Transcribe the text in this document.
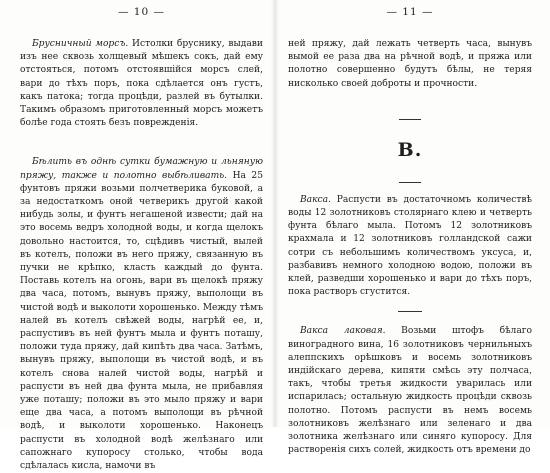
— 10 —

Брусничный морсъ. Истолки бруснику, выдави изъ нее сквозь холщевый мѣшекъ сокъ, дай ему отстояться, потомъ отстоявшійся морсъ слей, вари до тѣхъ поръ, пока сдѣлается онъ густъ, какъ патока; тогда процѣди, разлей въ бутылки. Такимъ образомъ приготовленный морсъ можетъ болѣе года стоять безъ поврежденія.

Бѣлить въ однѣ сутки бумажную и льняную пряжу, также и полотно выбѣливать. На 25 фунтовъ пряжи возьми полчетверика буковой, а за недостаткомъ оной четверикъ другой какой нибудь золы, и фунтъ негашеной извести; дай на это восемь ведръ холодной воды, и когда щелокъ довольно настоится, то, сцѣдивъ чистый, вылей въ котелъ, положи въ него пряжу, связанную въ пучки не крѣпко, класть каждый до фунта. Поставь котелъ на огонь, вари въ щелокѣ пряжу два часа, потомъ, вынувъ пряжу, выполощи въ чистой водѣ и выколоти хорошенько. Между тѣмъ налей въ котелъ свѣжей воды, нагрѣй ее, и, распустивъ въ ней фунтъ мыла и фунтъ поташу, положи туда пряжу, дай кипѣть два часа. Затѣмъ, вынувъ пряжу, выполощи въ чистой водѣ, и въ котелъ снова налей чистой воды, нагрѣй и распусти въ ней два фунта мыла, не прибавляя уже поташу; положи въ это мыло пряжу и вари еще два часа, а потомъ выполощи въ рѣчной водѣ, и выколоти хорошенько. Наконецъ распусти въ холодной водѣ желѣзнаго или сапожнаго купоросу столько, чтобы вода сдѣлалась кисла, намочи въ

— 11 —

ней пряжу, дай лежать четверть часа, вынувъ вымой ее раза два на рѣчной водѣ, и пряжа или полотно совершенно будутъ бѣлы, не теряя нисколько своей доброты и прочности.

В.

Вакса. Распусти въ достаточномъ количествѣ воды 12 золотниковъ столярнаго клею и четверть фунта бѣлаго мыла. Потомъ 12 золотниковъ крахмала и 12 золотниковъ голландской сажи сотри съ небольшимъ количествомъ уксуса, и, разбавивъ немного холодною водою, положи въ клей, разведши хорошенько и вари до тѣхъ поръ, пока растворъ сгустится.

Вакса лаковая. Возьми штофъ бѣлаго виноградного вина, 16 золотниковъ чернильныхъ алеппскихъ орѣшковъ и восемь золотниковъ индійскаго дерева, кипяти смѣсь эту полчаса, такъ, чтобы третья жидкости уварилась или испарилась; остальную жидкость процѣди сквозь полотно. Потомъ распусти въ немъ восемь золотниковъ желѣзнаго или зеленаго и два золотника желѣзнаго или синяго купоросу. Для растворенія сихъ солей, жидкость отъ времени до
